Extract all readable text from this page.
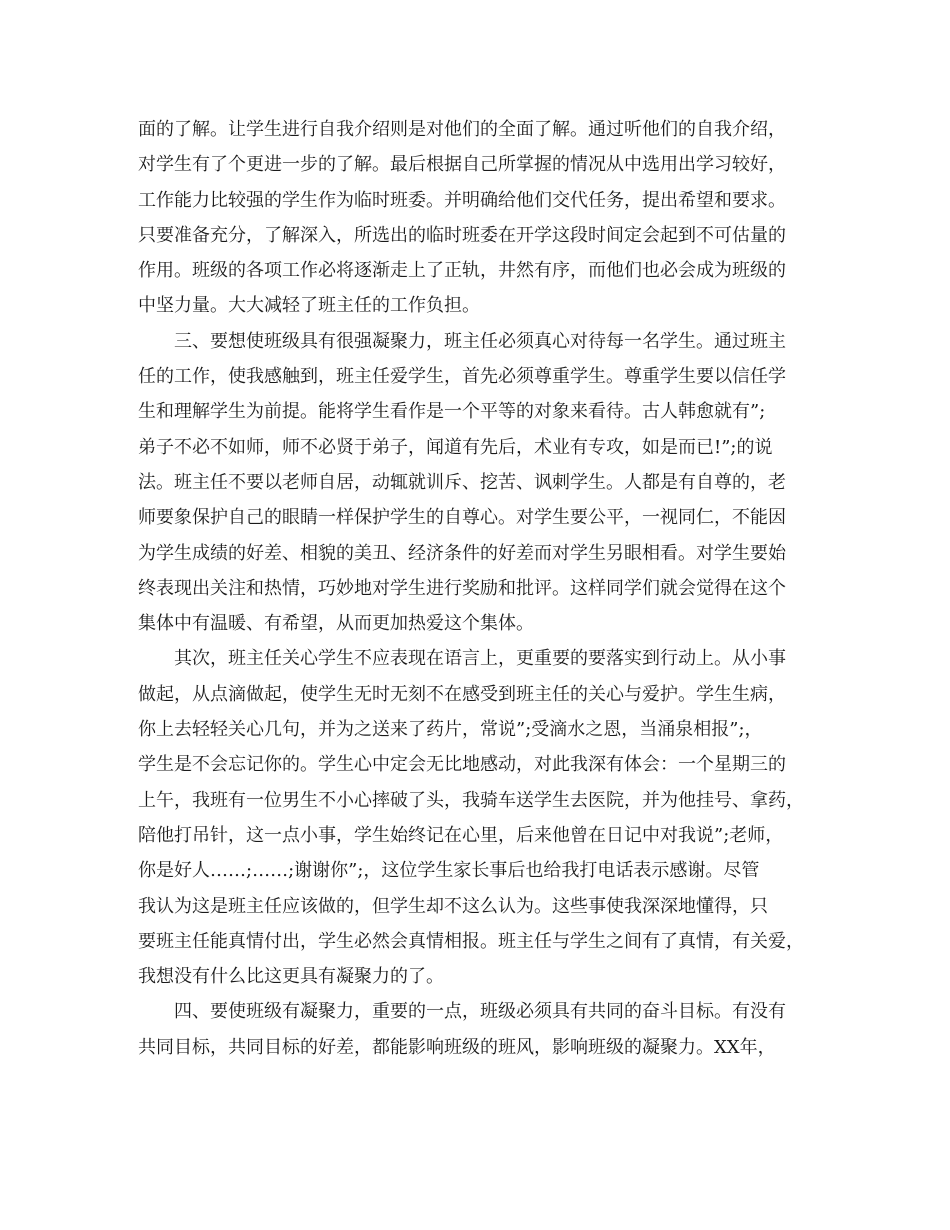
面的了解。让学生进行自我介绍则是对他们的全面了解。通过听他们的自我介绍，
对学生有了个更进一步的了解。最后根据自己所掌握的情况从中选用出学习较好，
工作能力比较强的学生作为临时班委。并明确给他们交代任务，提出希望和要求。
只要准备充分，了解深入，所选出的临时班委在开学这段时间定会起到不可估量的
作用。班级的各项工作必将逐渐走上了正轨，井然有序，而他们也必会成为班级的
中坚力量。大大减轻了班主任的工作负担。
三、要想使班级具有很强凝聚力，班主任必须真心对待每一名学生。通过班主
任的工作，使我感触到，班主任爱学生，首先必须尊重学生。尊重学生要以信任学
生和理解学生为前提。能将学生看作是一个平等的对象来看待。古人韩愈就有”;
弟子不必不如师，师不必贤于弟子，闻道有先后，术业有专攻，如是而已!”;的说
法。班主任不要以老师自居，动辄就训斥、挖苦、讽刺学生。人都是有自尊的，老
师要象保护自己的眼睛一样保护学生的自尊心。对学生要公平，一视同仁，不能因
为学生成绩的好差、相貌的美丑、经济条件的好差而对学生另眼相看。对学生要始
终表现出关注和热情，巧妙地对学生进行奖励和批评。这样同学们就会觉得在这个
集体中有温暖、有希望，从而更加热爱这个集体。
其次，班主任关心学生不应表现在语言上，更重要的要落实到行动上。从小事
做起，从点滴做起，使学生无时无刻不在感受到班主任的关心与爱护。学生生病，
你上去轻轻关心几句，并为之送来了药片，常说”;受滴水之恩，当涌泉相报”;，
学生是不会忘记你的。学生心中定会无比地感动，对此我深有体会：一个星期三的
上午，我班有一位男生不小心摔破了头，我骑车送学生去医院，并为他挂号、拿药，
陪他打吊针，这一点小事，学生始终记在心里，后来他曾在日记中对我说”;老师，
你是好人……;……;谢谢你”;，这位学生家长事后也给我打电话表示感谢。尽管
我认为这是班主任应该做的，但学生却不这么认为。这些事使我深深地懂得，只
要班主任能真情付出，学生必然会真情相报。班主任与学生之间有了真情，有关爱，
我想没有什么比这更具有凝聚力的了。
四、要使班级有凝聚力，重要的一点，班级必须具有共同的奋斗目标。有没有
共同目标，共同目标的好差，都能影响班级的班风，影响班级的凝聚力。XX年，
